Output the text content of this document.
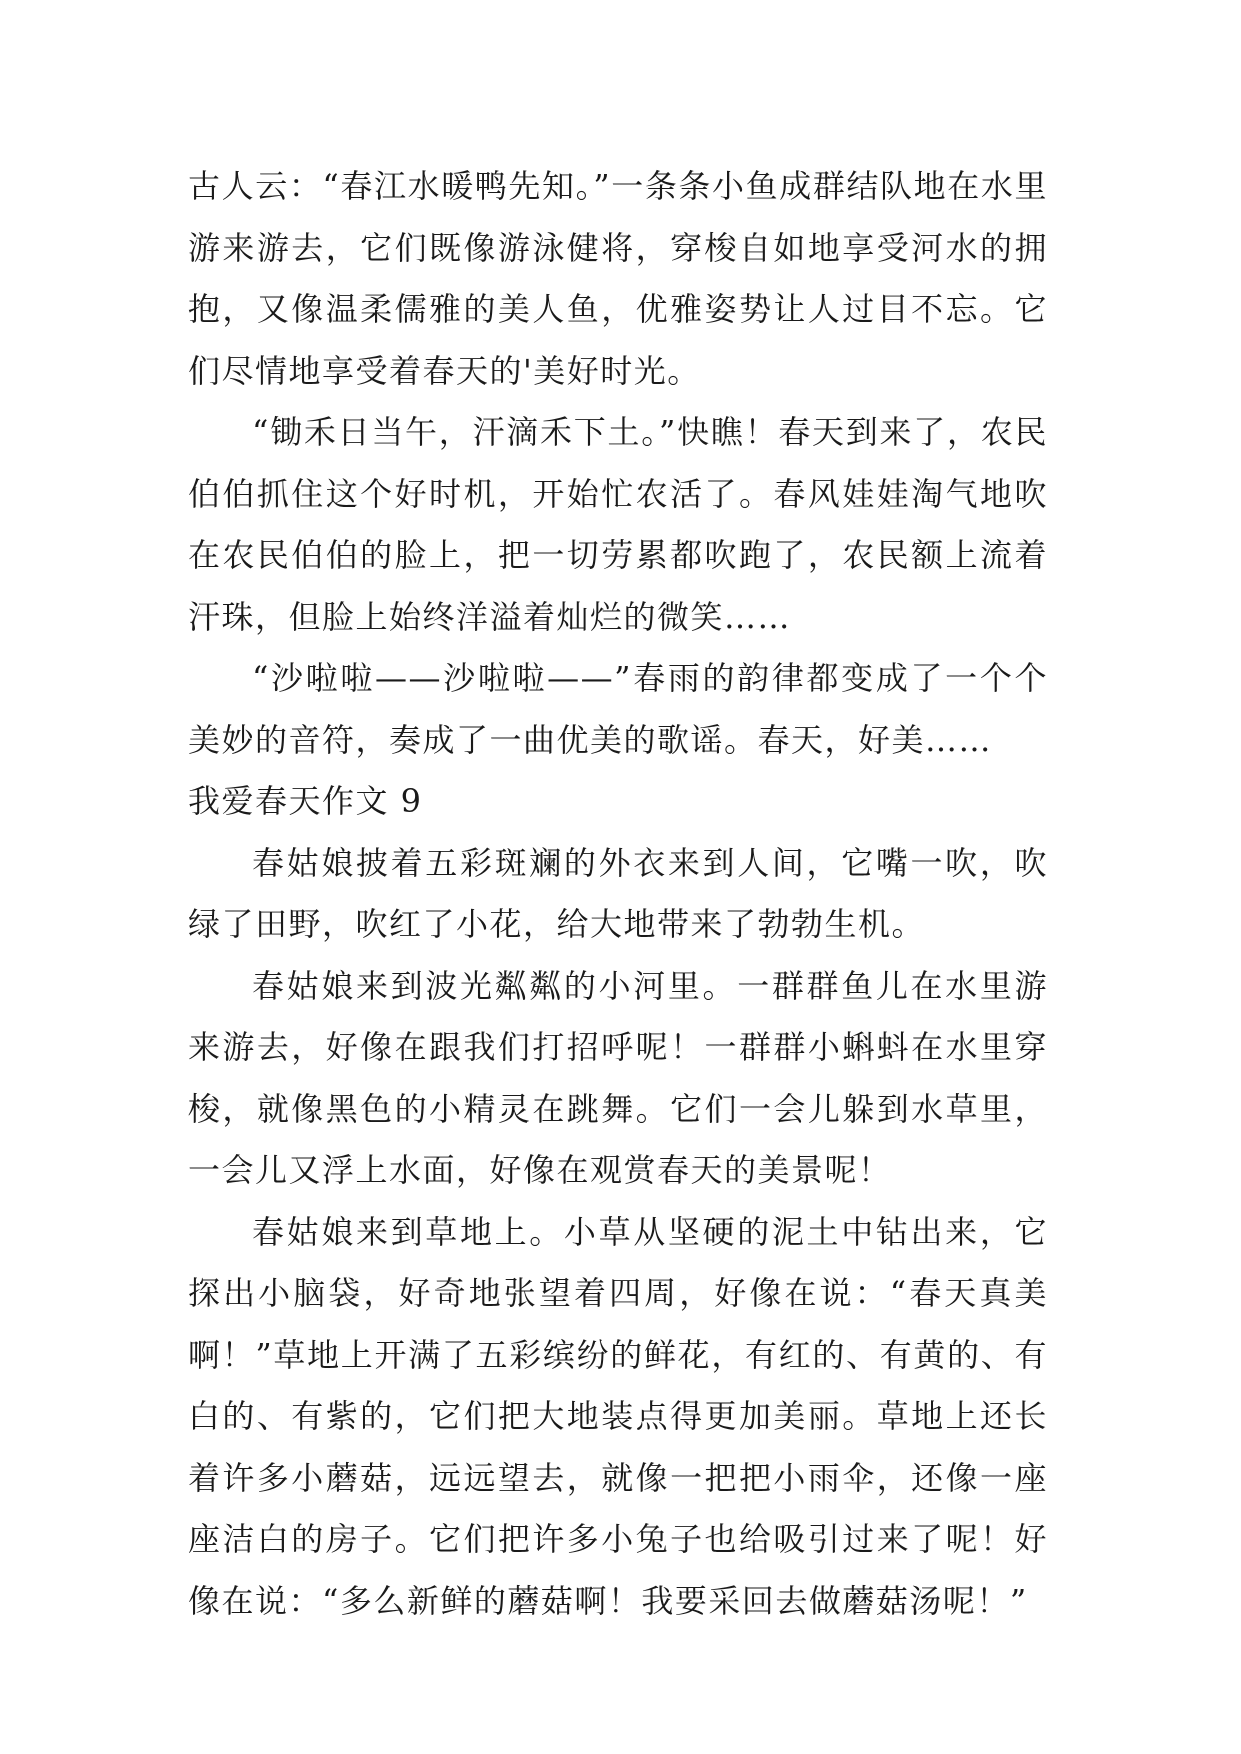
古人云：“春江水暖鸭先知。”一条条小鱼成群结队地在水里游来游去，它们既像游泳健将，穿梭自如地享受河水的拥抱，又像温柔儒雅的美人鱼，优雅姿势让人过目不忘。它们尽情地享受着春天的'美好时光。

“锄禾日当午，汗滴禾下土。”快瞧！春天到来了，农民伯伯抓住这个好时机，开始忙农活了。春风娃娃淘气地吹在农民伯伯的脸上，把一切劳累都吹跑了，农民额上流着汗珠，但脸上始终洋溢着灿烂的微笑……

“沙啦啦——沙啦啦——”春雨的韵律都变成了一个个美妙的音符，奏成了一曲优美的歌谣。春天，好美……

我爱春天作文 9

春姑娘披着五彩斑斓的外衣来到人间，它嘴一吹，吹绿了田野，吹红了小花，给大地带来了勃勃生机。

春姑娘来到波光粼粼的小河里。一群群鱼儿在水里游来游去，好像在跟我们打招呼呢！一群群小蝌蚪在水里穿梭，就像黑色的小精灵在跳舞。它们一会儿躲到水草里，一会儿又浮上水面，好像在观赏春天的美景呢！

春姑娘来到草地上。小草从坚硬的泥土中钻出来，它探出小脑袋，好奇地张望着四周，好像在说：“春天真美啊！”草地上开满了五彩缤纷的鲜花，有红的、有黄的、有白的、有紫的，它们把大地装点得更加美丽。草地上还长着许多小蘑菇，远远望去，就像一把把小雨伞，还像一座座洁白的房子。它们把许多小兔子也给吸引过来了呢！好像在说：“多么新鲜的蘑菇啊！我要采回去做蘑菇汤呢！”
